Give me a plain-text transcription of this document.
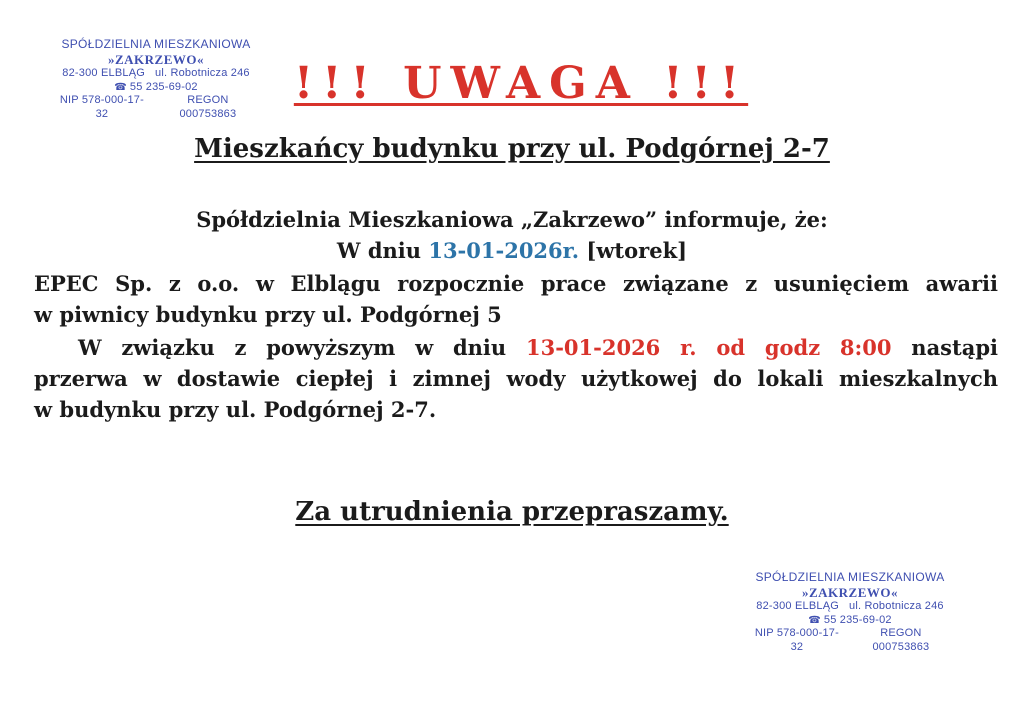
SPÓŁDZIELNIA MIESZKANIOWA
»ZAKRZEWO«
82-300 ELBLĄG ul. Robotnicza 246
☎ 55 235-69-02
NIP 578-000-17-32
REGON 000753863
!!! UWAGA !!!
Mieszkańcy budynku przy ul. Podgórnej 2-7
Spółdzielnia Mieszkaniowa „Zakrzewo” informuje, że:
W dniu 13-01-2026r. [wtorek]
EPEC Sp. z o.o. w Elblągu rozpocznie prace związane z usunięciem awarii
w piwnicy budynku przy ul. Podgórnej 5
W związku z powyższym w dniu 13-01-2026 r. od godz 8:00 nastąpi
przerwa w dostawie ciepłej i zimnej wody użytkowej do lokali mieszkalnych
w budynku przy ul. Podgórnej 2-7.
Za utrudnienia przepraszamy.
SPÓŁDZIELNIA MIESZKANIOWA
»ZAKRZEWO«
82-300 ELBLĄG ul. Robotnicza 246
☎ 55 235-69-02
NIP 578-000-17-32
REGON 000753863
